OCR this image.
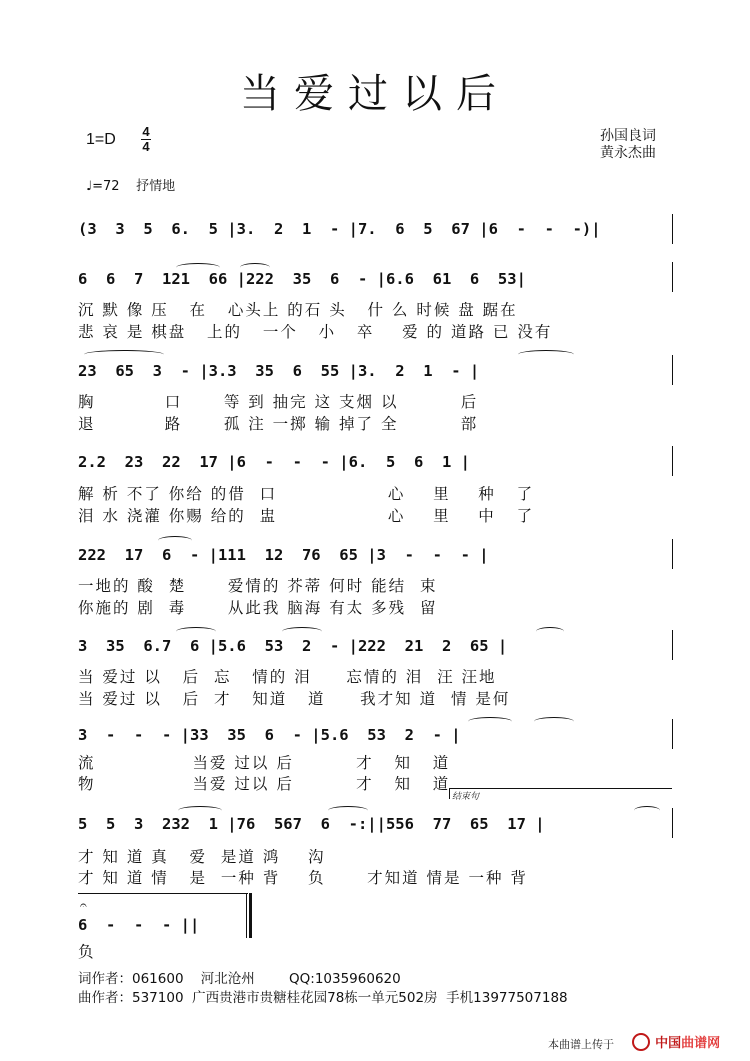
当爱过以后
1=D 4
4
孙国良词
黄永杰曲
♩=72 抒情地
(3  3  5  6.  5 |3.  2  1  - |7.  6  5  67 |6  -  -  -)|
6  6  7  121  66 |222  35  6  - |6.6  61  6  53|
沉 默 像 压   在   心头上 的石 头   什 么 时候 盘 踞在
悲 哀 是 棋盘   上的   一个   小   卒    爱 的 道路 已 没有
23  65  3  - |3.3  35  6  55 |3.  2  1  - |
胸          口      等 到 抽完 这 支烟 以         后
退          路      孤 注 一掷 输 掉了 全         部
2.2  23  22  17 |6  -  -  - |6.  5  6  1 |
解 析 不了 你给 的借  口                心    里    种   了
泪 水 浇灌 你赐 给的  盅                心    里    中   了
222  17  6  - |111  12  76  65 |3  -  -  - |
一地的 酸  楚      爱情的 芥蒂 何时 能结  束
你施的 剧  毒      从此我 脑海 有太 多残  留
3  35  6.7  6 |5.6  53  2  - |222  21  2  65 |
当 爱过 以   后  忘   情的 泪     忘情的 泪  汪 汪地
当 爱过 以   后  才   知道   道     我才知 道  情 是何
3  -  -  - |33  35  6  - |5.6  53  2  - |
流              当爱 过以 后         才   知   道
物              当爱 过以 后         才   知   道
结束句
5  5  3  232  1 |76  567  6  -:||556  77  65  17 |
才 知 道 真   爱  是道 鸿    沟
才 知 道 情   是  一种 背    负      才知道 情是 一种 背
𝄐
6  -  -  - ||
负
词作者：061600    河北沧州        QQ:1035960620
曲作者：537100  广西贵港市贵糖桂花园78栋一单元502房  手机13977507188
本曲谱上传于	中国曲谱网
